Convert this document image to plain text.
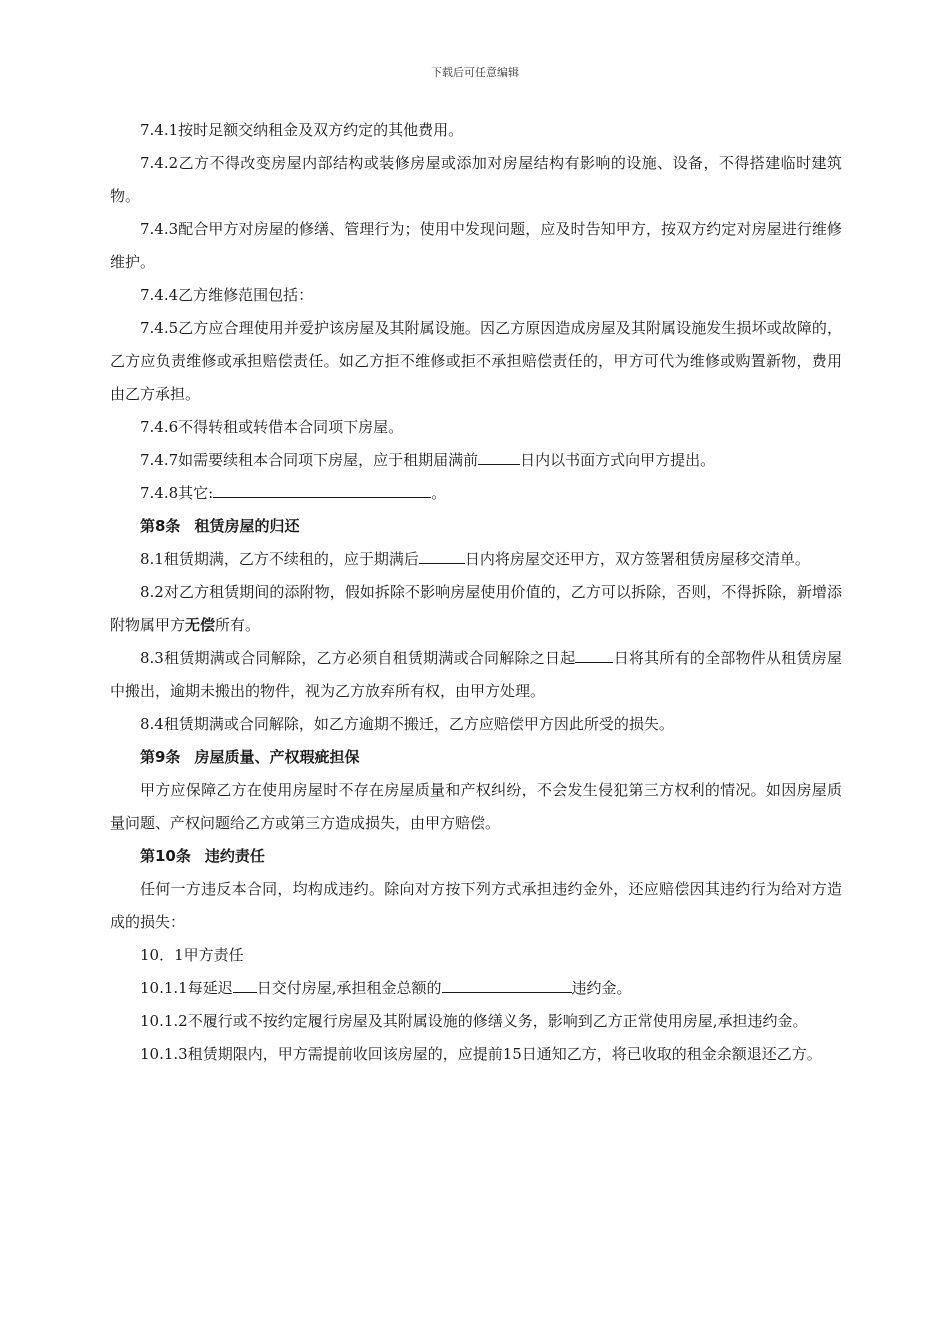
下载后可任意编辑

7.4.1按时足额交纳租金及双方约定的其他费用。

7.4.2乙方不得改变房屋内部结构或装修房屋或添加对房屋结构有影响的设施、设备，不得搭建临时建筑物。

7.4.3配合甲方对房屋的修缮、管理行为；使用中发现问题，应及时告知甲方，按双方约定对房屋进行维修维护。

7.4.4乙方维修范围包括：

7.4.5乙方应合理使用并爱护该房屋及其附属设施。因乙方原因造成房屋及其附属设施发生损坏或故障的，乙方应负责维修或承担赔偿责任。如乙方拒不维修或拒不承担赔偿责任的，甲方可代为维修或购置新物，费用由乙方承担。

7.4.6不得转租或转借本合同项下房屋。

7.4.7如需要续租本合同项下房屋，应于租期届满前	日内以书面方式向甲方提出。

7.4.8其它:	。

第8条 租赁房屋的归还

8.1租赁期满，乙方不续租的，应于期满后	日内将房屋交还甲方，双方签署租赁房屋移交清单。

8.2对乙方租赁期间的添附物，假如拆除不影响房屋使用价值的，乙方可以拆除，否则，不得拆除，新增添附物属甲方无偿所有。

8.3租赁期满或合同解除，乙方必须自租赁期满或合同解除之日起	日将其所有的全部物件从租赁房屋中搬出，逾期未搬出的物件，视为乙方放弃所有权，由甲方处理。

8.4租赁期满或合同解除，如乙方逾期不搬迁，乙方应赔偿甲方因此所受的损失。

第9条 房屋质量、产权瑕疵担保

甲方应保障乙方在使用房屋时不存在房屋质量和产权纠纷，不会发生侵犯第三方权利的情况。如因房屋质量问题、产权问题给乙方或第三方造成损失，由甲方赔偿。

第10条 违约责任

任何一方违反本合同，均构成违约。除向对方按下列方式承担违约金外，还应赔偿因其违约行为给对方造成的损失：

10．1甲方责任

10.1.1每延迟 日交付房屋,承担租金总额的	违约金。

10.1.2不履行或不按约定履行房屋及其附属设施的修缮义务，影响到乙方正常使用房屋,承担违约金。

10.1.3租赁期限内，甲方需提前收回该房屋的，应提前15日通知乙方，将已收取的租金余额退还乙方。
